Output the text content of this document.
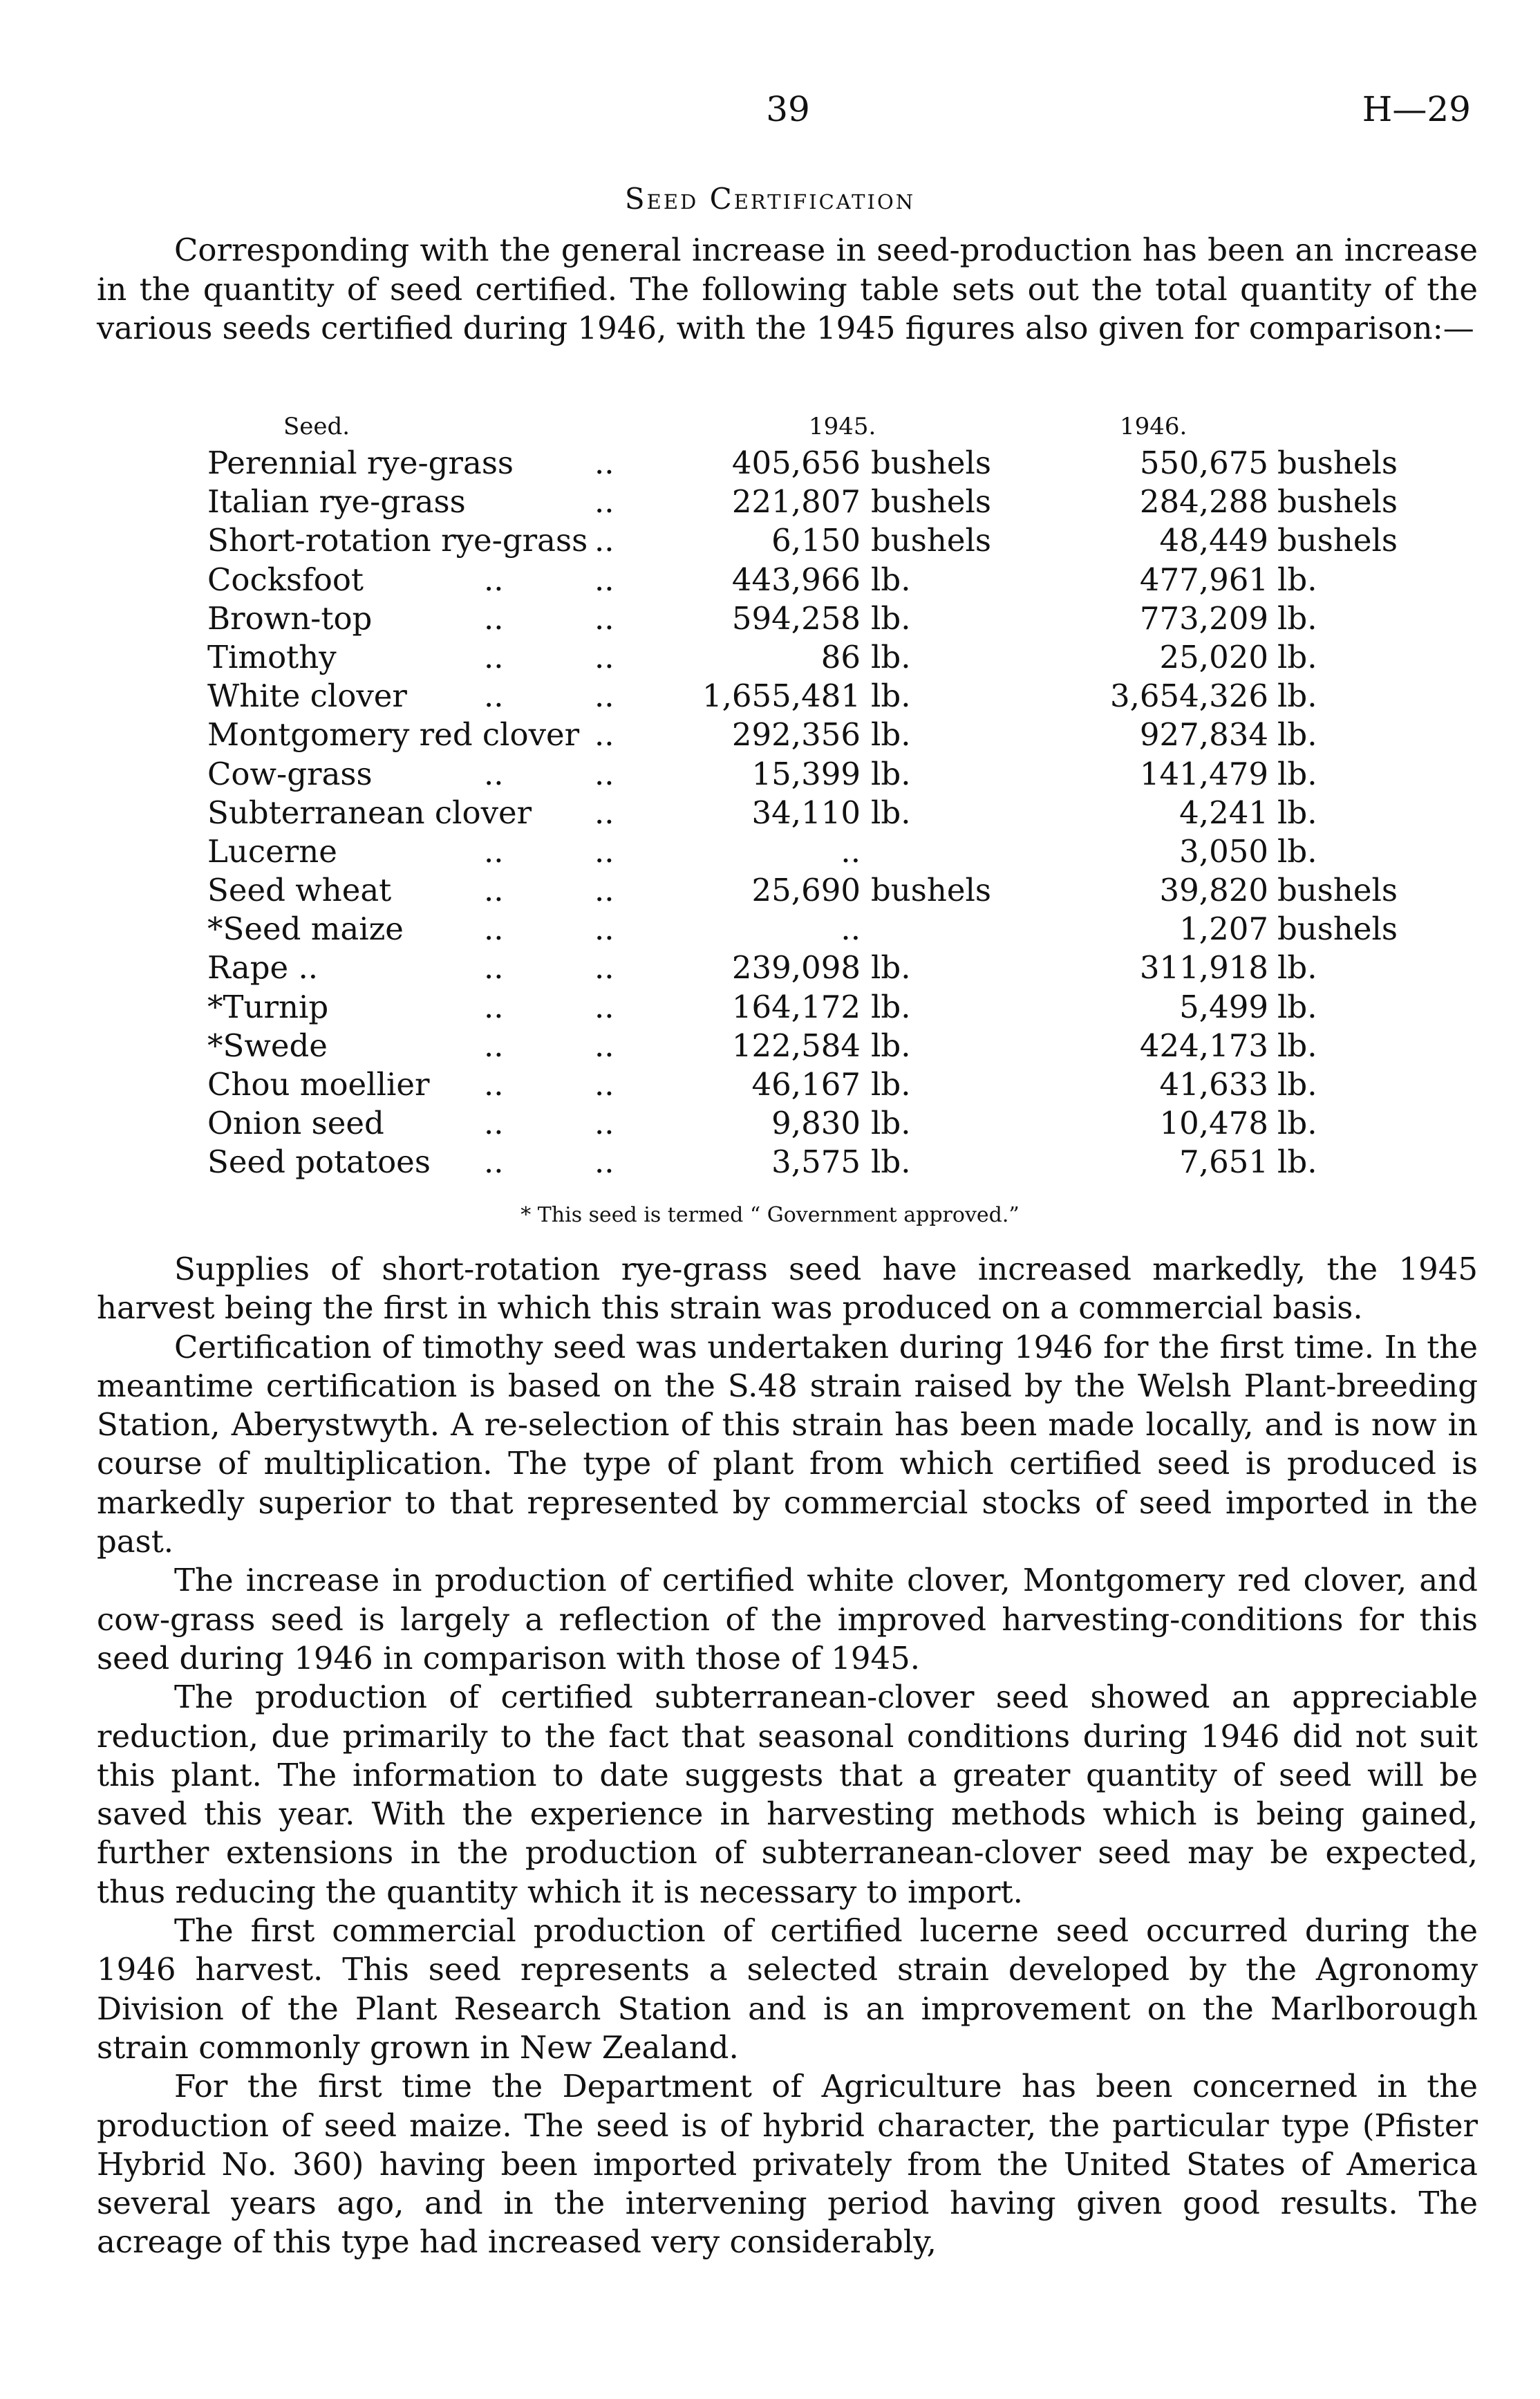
39	H—29
Seed Certification

Corresponding with the general increase in seed-production has been an increase in the quantity of seed certified. The following table sets out the total quantity of the various seeds certified during 1946, with the 1945 figures also given for comparison:—

Seed.	1945.	1946.
Perennial rye-grass	..	405,656 bushels	550,675 bushels
Italian rye-grass	..	221,807 bushels	284,288 bushels
Short-rotation rye-grass ..	6,150 bushels	48,449 bushels
Cocksfoot	..	..	443,966 lb.	477,961 lb.
Brown-top	..	..	594,258 lb.	773,209 lb.
Timothy	..	..	86 lb.	25,020 lb.
White clover ..	..	1,655,481 lb.	3,654,326 lb.
Montgomery red clover ..	292,356 lb.	927,834 lb.
Cow-grass	..	..	15,399 lb.	141,479 lb.
Subterranean clover ..	34,110 lb.	4,241 lb.
Lucerne	..	..	..	3,050 lb.
Seed wheat	..	..	25,690 bushels	39,820 bushels
*Seed maize	..	..	..	1,207 bushels
Rape ..	..	..	239,098 lb.	311,918 lb.
*Turnip	..	..	164,172 lb.	5,499 lb.
*Swede	..	..	122,584 lb.	424,173 lb.
Chou moellier ..	..	46,167 lb.	41,633 lb.
Onion seed	..	..	9,830 lb.	10,478 lb.
Seed potatoes ..	..	3,575 lb.	7,651 lb.
* This seed is termed “ Government approved.”

Supplies of short-rotation rye-grass seed have increased markedly, the 1945 harvest being the first in which this strain was produced on a commercial basis.

Certification of timothy seed was undertaken during 1946 for the first time. In the meantime certification is based on the S.48 strain raised by the Welsh Plant-breeding Station, Aberystwyth. A re-selection of this strain has been made locally, and is now in course of multiplication. The type of plant from which certified seed is produced is markedly superior to that represented by commercial stocks of seed imported in the past.

The increase in production of certified white clover, Montgomery red clover, and cow-grass seed is largely a reflection of the improved harvesting-conditions for this seed during 1946 in comparison with those of 1945.

The production of certified subterranean-clover seed showed an appreciable reduction, due primarily to the fact that seasonal conditions during 1946 did not suit this plant. The information to date suggests that a greater quantity of seed will be saved this year. With the experience in harvesting methods which is being gained, further extensions in the production of subterranean-clover seed may be expected, thus reducing the quantity which it is necessary to import.

The first commercial production of certified lucerne seed occurred during the 1946 harvest. This seed represents a selected strain developed by the Agronomy Division of the Plant Research Station and is an improvement on the Marlborough strain commonly grown in New Zealand.

For the first time the Department of Agriculture has been concerned in the production of seed maize. The seed is of hybrid character, the particular type (Pfister Hybrid No. 360) having been imported privately from the United States of America several years ago, and in the intervening period having given good results. The acreage of this type had increased very considerably,
